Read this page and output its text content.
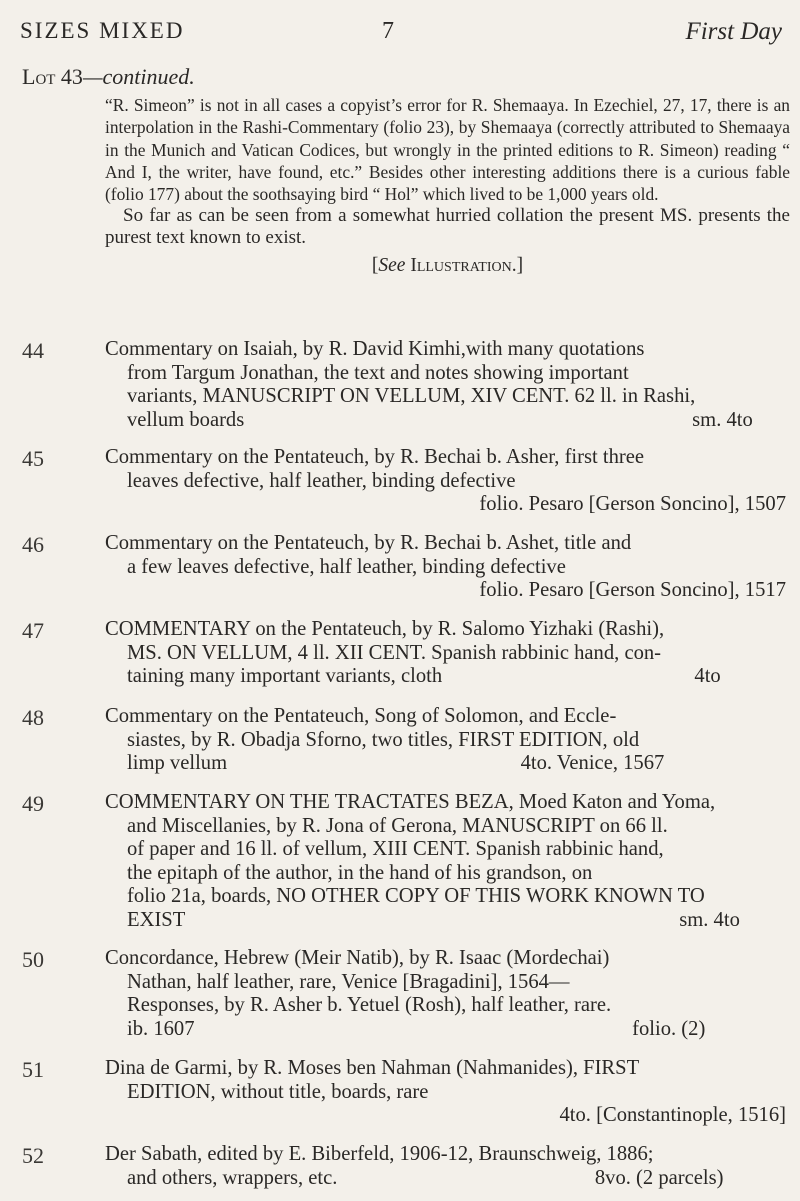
SIZES MIXED	7	First Day
Lot 43—continued.

“R. Simeon” is not in all cases a copyist’s error for R. Shemaaya. In Ezechiel, 27, 17, there is an interpolation in the Rashi-Commentary (folio 23), by Shemaaya (correctly attributed to Shemaaya in the Munich and Vatican Codices, but wrongly in the printed editions to R. Simeon) reading “ And I, the writer, have found, etc.” Besides other interesting additions there is a curious fable (folio 177) about the soothsaying bird “ Hol” which lived to be 1,000 years old.

So far as can be seen from a somewhat hurried collation the present MS. presents the purest text known to exist.

[See Illustration.]

44	Commentary on Isaiah, by R. David Kimhi,with many quotations
from Targum Jonathan, the text and notes showing important
variants, MANUSCRIPT ON VELLUM, XIV CENT. 62 ll. in Rashi,
vellum boards                                                                                       sm. 4to
45	Commentary on the Pentateuch, by R. Bechai b. Asher, first three
leaves defective, half leather, binding defective
folio. Pesaro [Gerson Soncino], 1507
46	Commentary on the Pentateuch, by R. Bechai b. Ashet, title and
a few leaves defective, half leather, binding defective
folio. Pesaro [Gerson Soncino], 1517
47	COMMENTARY on the Pentateuch, by R. Salomo Yizhaki (Rashi),
MS. ON VELLUM, 4 ll. XII CENT. Spanish rabbinic hand, con-
taining many important variants, cloth                                                 4to
48	Commentary on the Pentateuch, Song of Solomon, and Eccle-
siastes, by R. Obadja Sforno, two titles, FIRST EDITION, old
limp vellum                                                         4to. Venice, 1567
49	COMMENTARY ON THE TRACTATES BEZA, Moed Katon and Yoma,
and Miscellanies, by R. Jona of Gerona, MANUSCRIPT on 66 ll.
of paper and 16 ll. of vellum, XIII CENT. Spanish rabbinic hand,
the epitaph of the author, in the hand of his grandson, on
folio 21a, boards, NO OTHER COPY OF THIS WORK KNOWN TO
EXIST                                                                                                sm. 4to
50	Concordance, Hebrew (Meir Natib), by R. Isaac (Mordechai)
Nathan, half leather, rare, Venice [Bragadini], 1564—
Responses, by R. Asher b. Yetuel (Rosh), half leather, rare.
ib. 1607                                                                                     folio. (2)
51	Dina de Garmi, by R. Moses ben Nahman (Nahmanides), FIRST
EDITION, without title, boards, rare
4to. [Constantinople, 1516]
52	Der Sabath, edited by E. Biberfeld, 1906-12, Braunschweig, 1886;
and others, wrappers, etc.                                                  8vo. (2 parcels)
